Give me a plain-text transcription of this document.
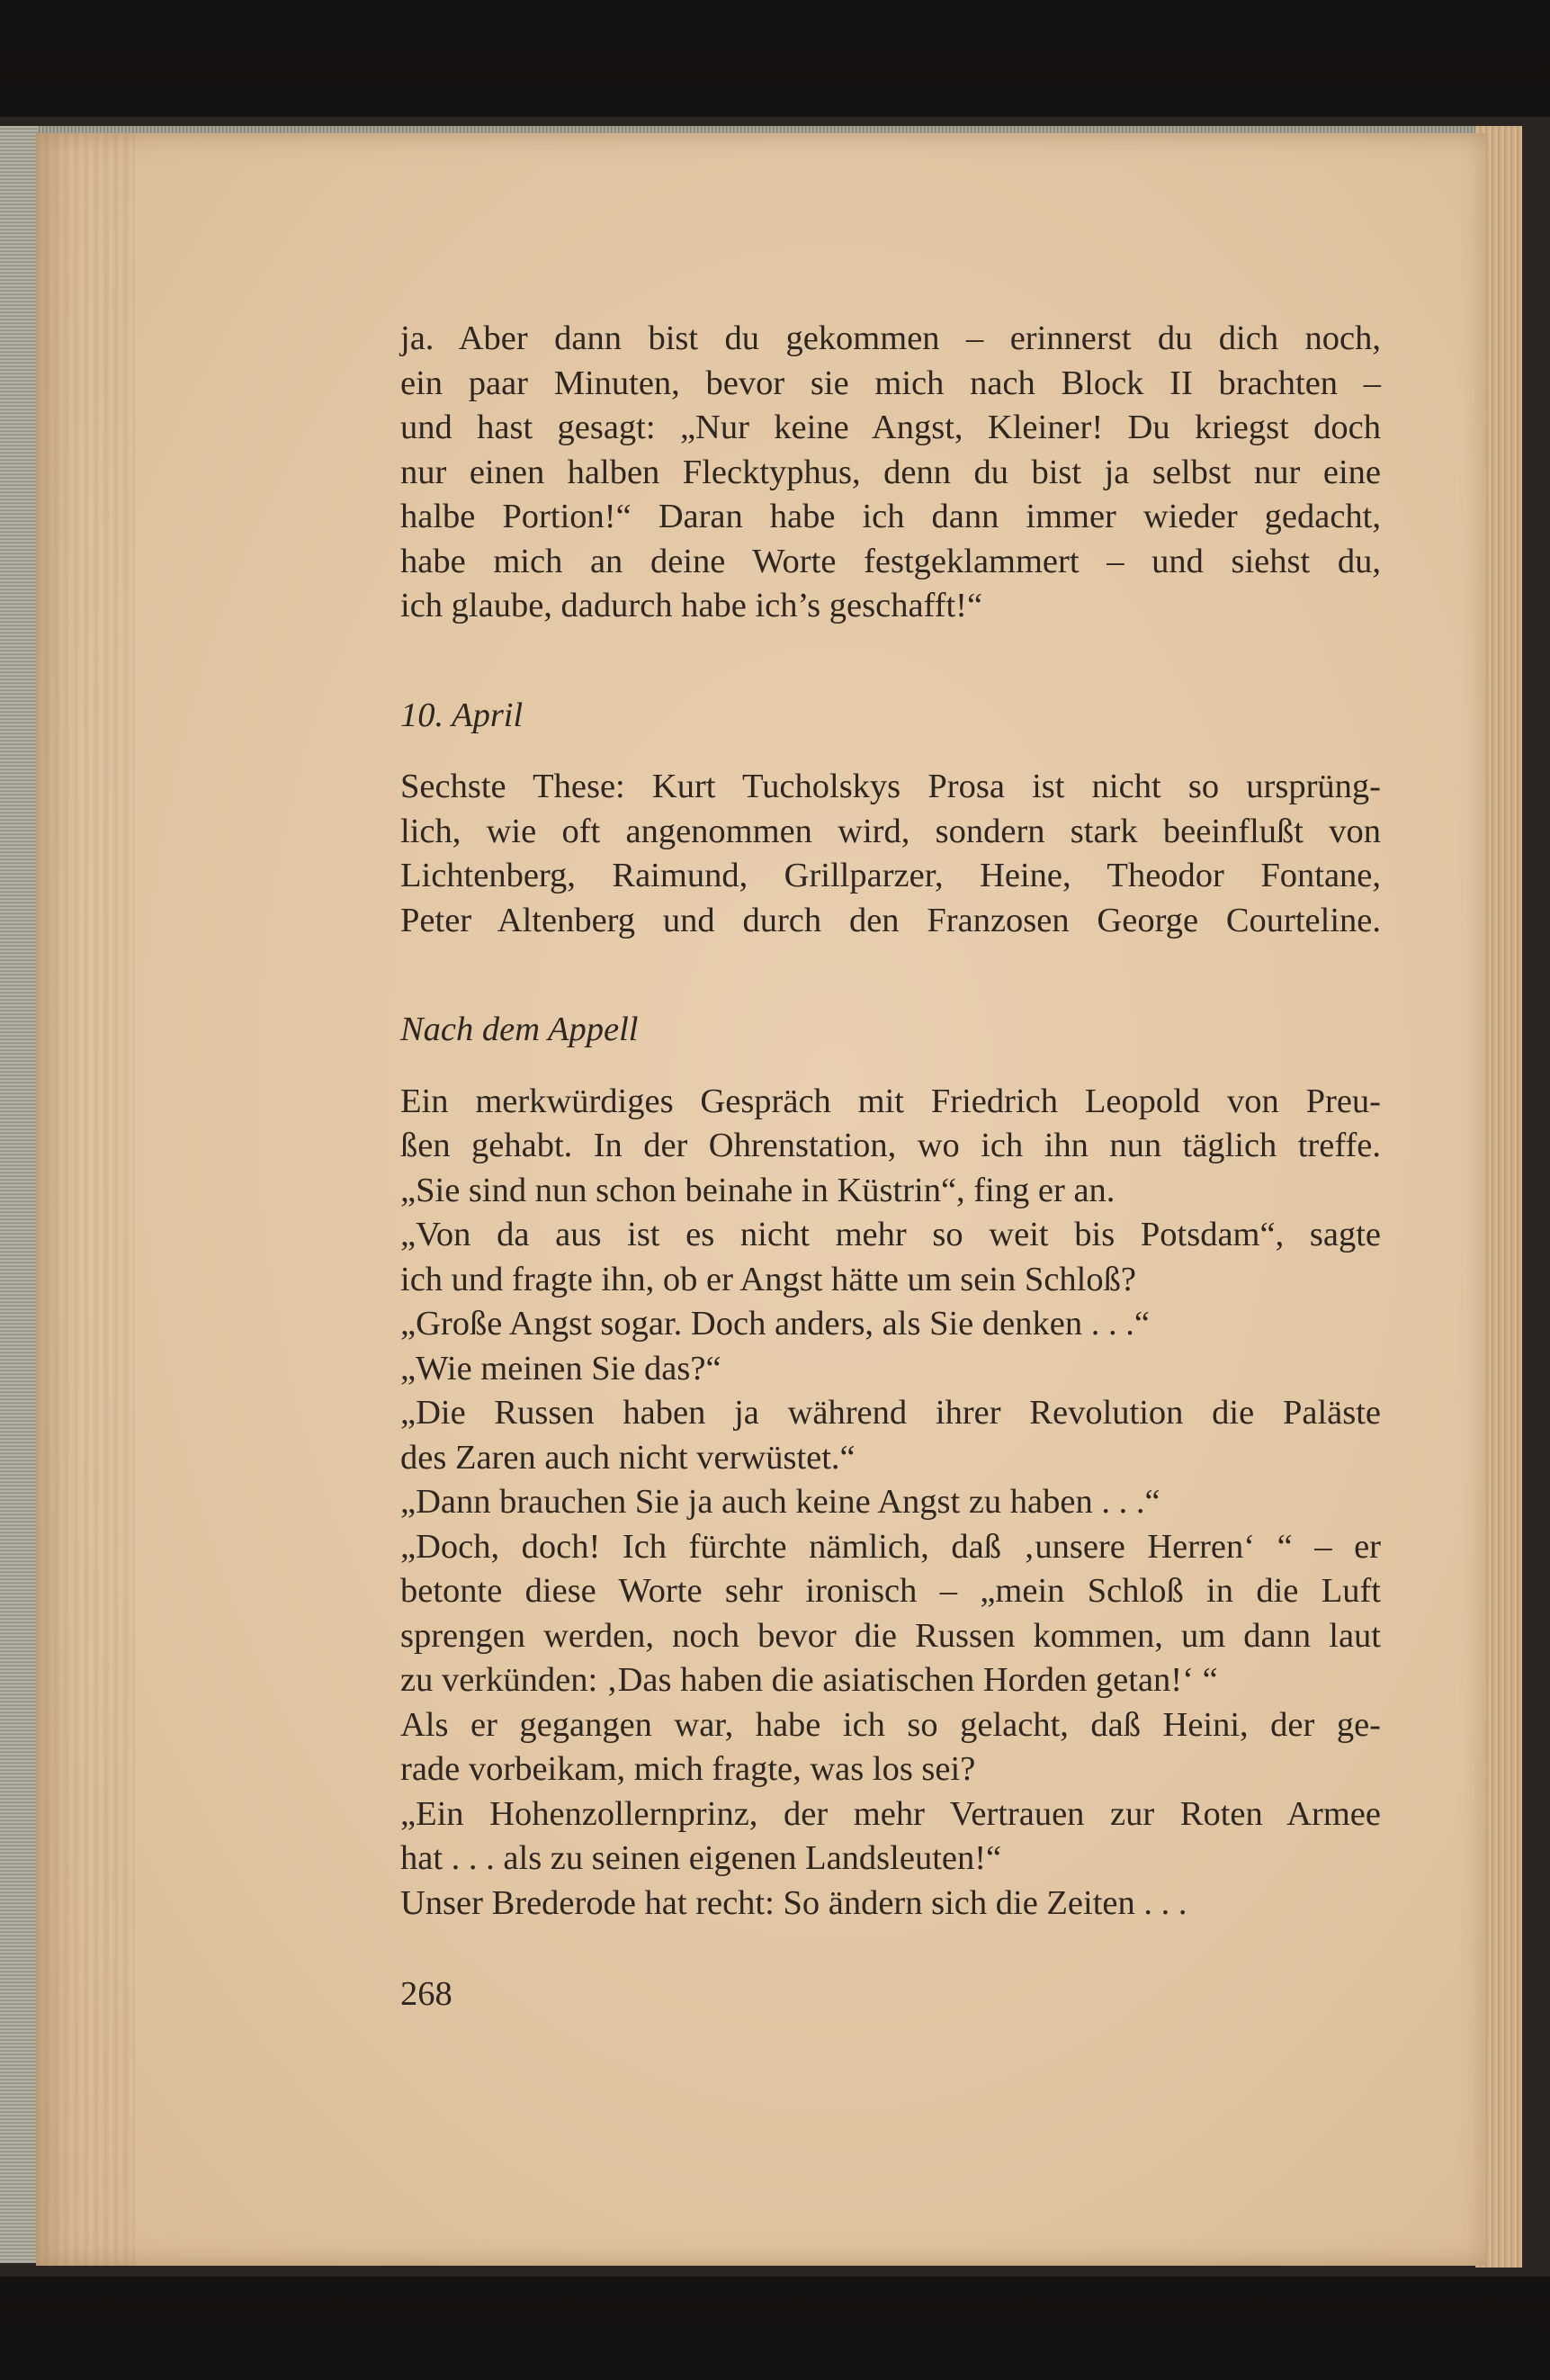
ja. Aber dann bist du gekommen – erinnerst du dich noch,
ein paar Minuten, bevor sie mich nach Block II brachten –
und hast gesagt: „Nur keine Angst, Kleiner! Du kriegst doch
nur einen halben Flecktyphus, denn du bist ja selbst nur eine
halbe Portion!“ Daran habe ich dann immer wieder gedacht,
habe mich an deine Worte festgeklammert – und siehst du,
ich glaube, dadurch habe ich’s geschafft!“
10. April
Sechste These: Kurt Tucholskys Prosa ist nicht so ursprüng-
lich, wie oft angenommen wird, sondern stark beeinflußt von
Lichtenberg, Raimund, Grillparzer, Heine, Theodor Fontane,
Peter Altenberg und durch den Franzosen George Courteline.
Nach dem Appell
Ein merkwürdiges Gespräch mit Friedrich Leopold von Preu-
ßen gehabt. In der Ohrenstation, wo ich ihn nun täglich treffe.
„Sie sind nun schon beinahe in Küstrin“, fing er an.
„Von da aus ist es nicht mehr so weit bis Potsdam“, sagte
ich und fragte ihn, ob er Angst hätte um sein Schloß?
„Große Angst sogar. Doch anders, als Sie denken . . .“
„Wie meinen Sie das?“
„Die Russen haben ja während ihrer Revolution die Paläste
des Zaren auch nicht verwüstet.“
„Dann brauchen Sie ja auch keine Angst zu haben . . .“
„Doch, doch! Ich fürchte nämlich, daß ‚unsere Herren‘ “ – er
betonte diese Worte sehr ironisch – „mein Schloß in die Luft
sprengen werden, noch bevor die Russen kommen, um dann laut
zu verkünden: ‚Das haben die asiatischen Horden getan!‘ “
Als er gegangen war, habe ich so gelacht, daß Heini, der ge-
rade vorbeikam, mich fragte, was los sei?
„Ein Hohenzollernprinz, der mehr Vertrauen zur Roten Armee
hat . . . als zu seinen eigenen Landsleuten!“
Unser Brederode hat recht: So ändern sich die Zeiten . . .
268
